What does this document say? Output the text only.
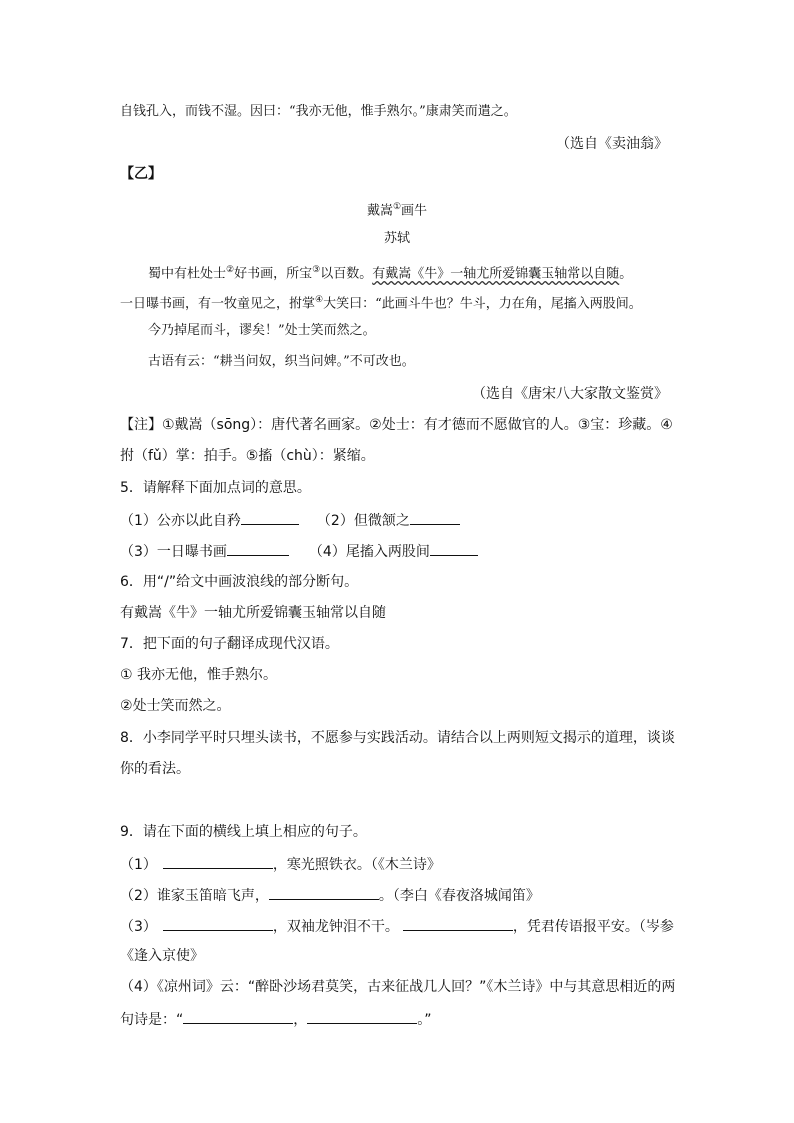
自钱孔入，而钱不湿。因曰：“我亦无他，惟手熟尔。”康肃笑而遣之。
（选自《卖油翁》
【乙】
戴嵩①画牛
苏轼
蜀中有杜处士②好书画，所宝③以百数。有戴嵩《牛》一轴尤所爱锦囊玉轴常以自随。
一日曝书画，有一牧童见之，拊掌④大笑曰：“此画斗牛也？牛斗，力在角，尾搐入两股间。
今乃掉尾而斗，谬矣！”处士笑而然之。
古语有云：“耕当问奴，织当问婢。”不可改也。
（选自《唐宋八大家散文鉴赏》
【注】①戴嵩（sōng）：唐代著名画家。②处士：有才德而不愿做官的人。③宝：珍藏。④
拊（fǔ）掌：拍手。⑤搐（chù）：紧缩。
5．请解释下面加点词的意思。
（1）公亦以此自矜	（2）但微颔之
（3）一日曝书画	（4）尾搐入两股间
6．用“/”给文中画波浪线的部分断句。
有戴嵩《牛》一轴尤所爱锦囊玉轴常以自随
7．把下面的句子翻译成现代汉语。
① 我亦无他，惟手熟尔。
②处士笑而然之。
8．小李同学平时只埋头读书，不愿参与实践活动。请结合以上两则短文揭示的道理，谈谈
你的看法。
9．请在下面的横线上填上相应的句子。
（1）	，寒光照铁衣。（《木兰诗》
（2）谁家玉笛暗飞声，	。（李白《春夜洛城闻笛》
（3）	，双袖龙钟泪不干。	，凭君传语报平安。（岑参
《逢入京使》
（4）《凉州词》云：“醉卧沙场君莫笑，古来征战几人回？”《木兰诗》中与其意思相近的两
句诗是：“	，	。”
